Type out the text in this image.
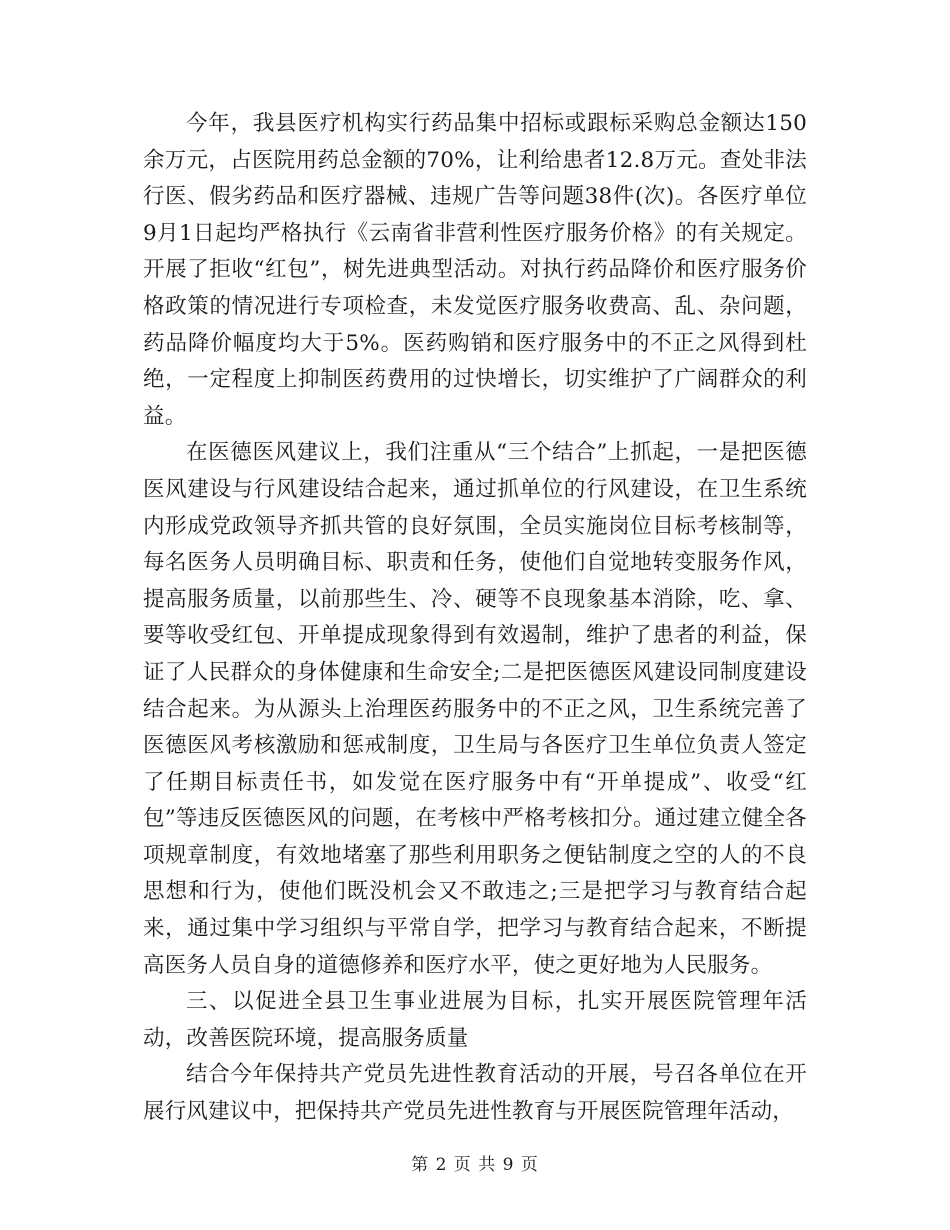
今年，我县医疗机构实行药品集中招标或跟标采购总金额达150余万元，占医院用药总金额的70%，让利给患者12.8万元。查处非法行医、假劣药品和医疗器械、违规广告等问题38件(次)。各医疗单位9月1日起均严格执行《云南省非营利性医疗服务价格》的有关规定。开展了拒收“红包”，树先进典型活动。对执行药品降价和医疗服务价格政策的情况进行专项检查，未发觉医疗服务收费高、乱、杂问题，药品降价幅度均大于5%。医药购销和医疗服务中的不正之风得到杜绝，一定程度上抑制医药费用的过快增长，切实维护了广阔群众的利益。

在医德医风建议上，我们注重从“三个结合”上抓起，一是把医德医风建设与行风建设结合起来，通过抓单位的行风建设，在卫生系统内形成党政领导齐抓共管的良好氛围，全员实施岗位目标考核制等，每名医务人员明确目标、职责和任务，使他们自觉地转变服务作风，提高服务质量，以前那些生、冷、硬等不良现象基本消除，吃、拿、要等收受红包、开单提成现象得到有效遏制，维护了患者的利益，保证了人民群众的身体健康和生命安全;二是把医德医风建设同制度建设结合起来。为从源头上治理医药服务中的不正之风，卫生系统完善了医德医风考核激励和惩戒制度，卫生局与各医疗卫生单位负责人签定了任期目标责任书，如发觉在医疗服务中有“开单提成”、收受“红包”等违反医德医风的问题，在考核中严格考核扣分。通过建立健全各项规章制度，有效地堵塞了那些利用职务之便钻制度之空的人的不良思想和行为，使他们既没机会又不敢违之;三是把学习与教育结合起来，通过集中学习组织与平常自学，把学习与教育结合起来，不断提高医务人员自身的道德修养和医疗水平，使之更好地为人民服务。

三、以促进全县卫生事业进展为目标，扎实开展医院管理年活动，改善医院环境，提高服务质量

结合今年保持共产党员先进性教育活动的开展，号召各单位在开展行风建议中，把保持共产党员先进性教育与开展医院管理年活动，

第 2 页 共 9 页
